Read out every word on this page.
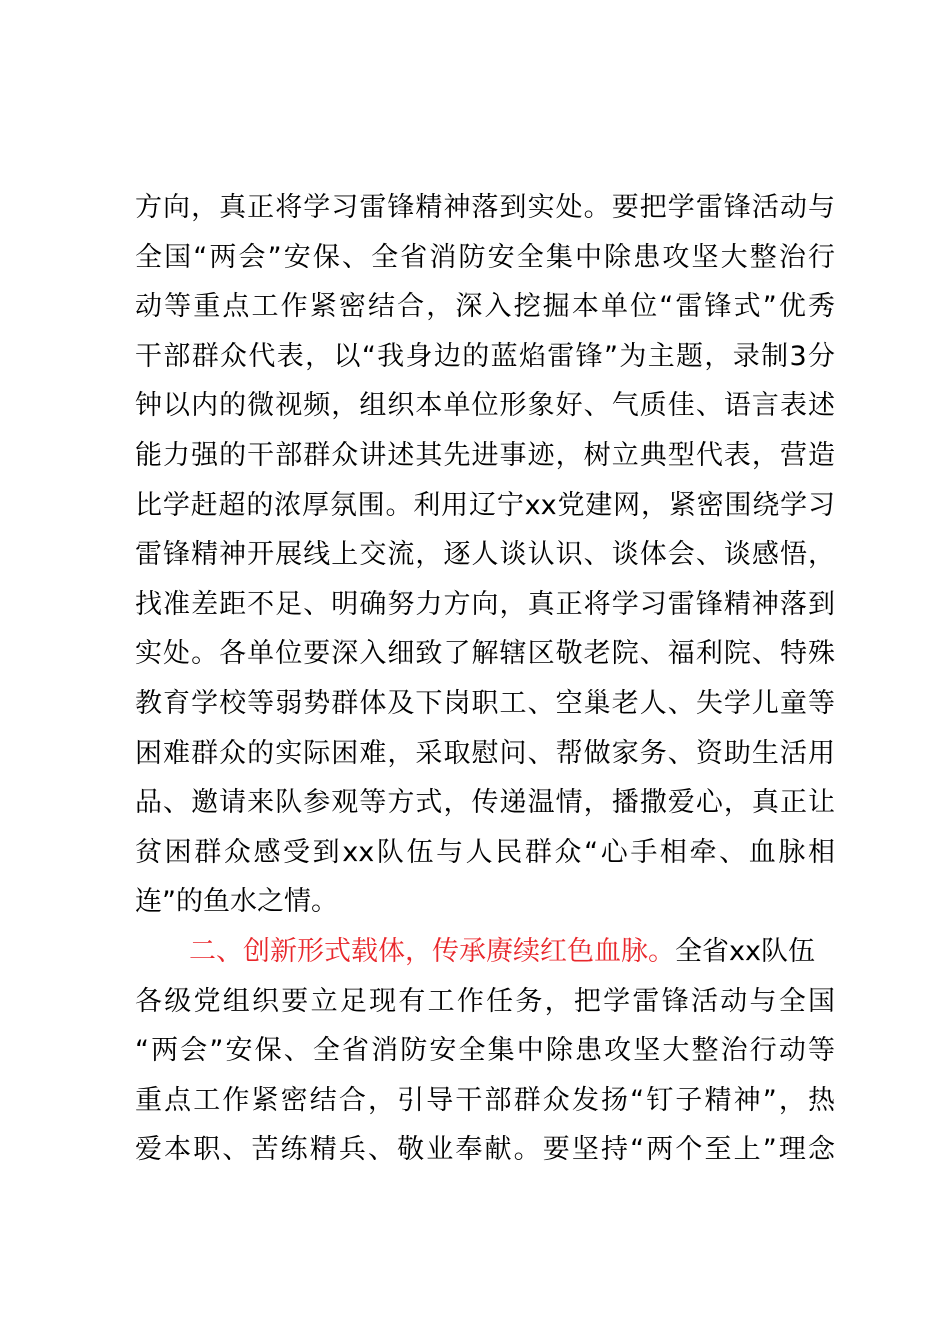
方向，真正将学习雷锋精神落到实处。要把学雷锋活动与
全国“两会”安保、全省消防安全集中除患攻坚大整治行
动等重点工作紧密结合，深入挖掘本单位“雷锋式”优秀
干部群众代表，以“我身边的蓝焰雷锋”为主题，录制3分
钟以内的微视频，组织本单位形象好、气质佳、语言表述
能力强的干部群众讲述其先进事迹，树立典型代表，营造
比学赶超的浓厚氛围。利用辽宁xx党建网，紧密围绕学习
雷锋精神开展线上交流，逐人谈认识、谈体会、谈感悟，
找准差距不足、明确努力方向，真正将学习雷锋精神落到
实处。各单位要深入细致了解辖区敬老院、福利院、特殊
教育学校等弱势群体及下岗职工、空巢老人、失学儿童等
困难群众的实际困难，采取慰问、帮做家务、资助生活用
品、邀请来队参观等方式，传递温情，播撒爱心，真正让
贫困群众感受到xx队伍与人民群众“心手相牵、血脉相
连”的鱼水之情。
二、创新形式载体，传承赓续红色血脉。全省xx队伍
各级党组织要立足现有工作任务，把学雷锋活动与全国
“两会”安保、全省消防安全集中除患攻坚大整治行动等
重点工作紧密结合，引导干部群众发扬“钉子精神”，热
爱本职、苦练精兵、敬业奉献。要坚持“两个至上”理念
